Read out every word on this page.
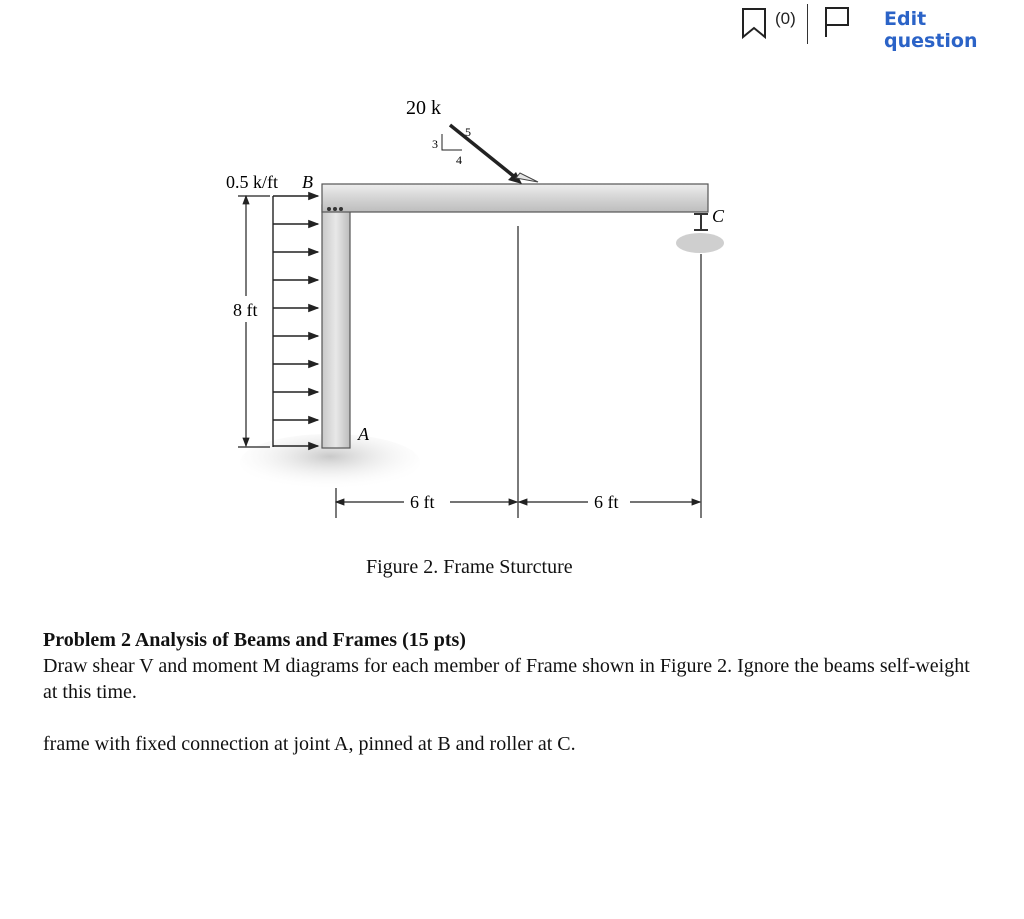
(0)	Edit question
C
0.5 k/ft B
8 ft
A
20 k
3
4
5
6 ft	6 ft
Figure 2. Frame Sturcture
Problem 2 Analysis of Beams and Frames (15 pts)

Draw shear V and moment M diagrams for each member of Frame shown in Figure 2. Ignore the beams self-weight at this time.

frame with fixed connection at joint A, pinned at B and roller at C.
